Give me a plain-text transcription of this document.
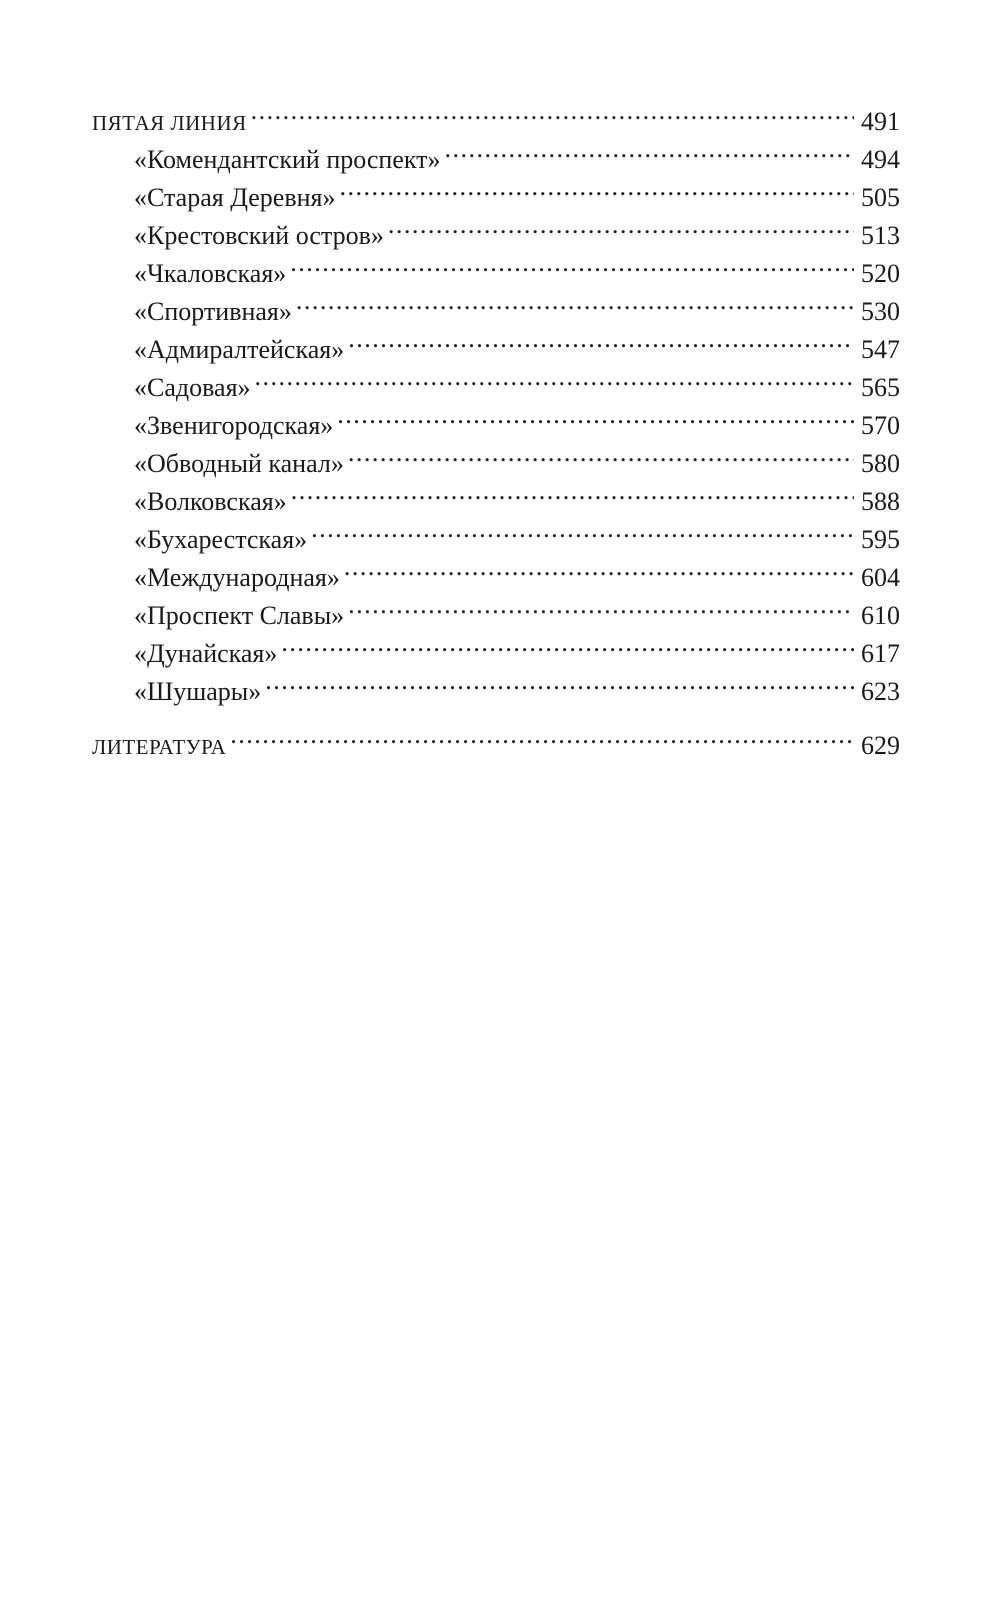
ПЯТАЯ ЛИНИЯ . . .	491
«Комендантский проспект» . . .	494
«Старая Деревня» . . .	505
«Крестовский остров» . . .	513
«Чкаловская» . . .	520
«Спортивная» . . .	530
«Адмиралтейская» . . .	547
«Садовая» . . .	565
«Звенигородская» . . .	570
«Обводный канал» . . .	580
«Волковская» . . .	588
«Бухарестская» . . .	595
«Международная» . . .	604
«Проспект Славы» . . .	610
«Дунайская» . . .	617
«Шушары» . . .	623
ЛИТЕРАТУРА . . .	629
